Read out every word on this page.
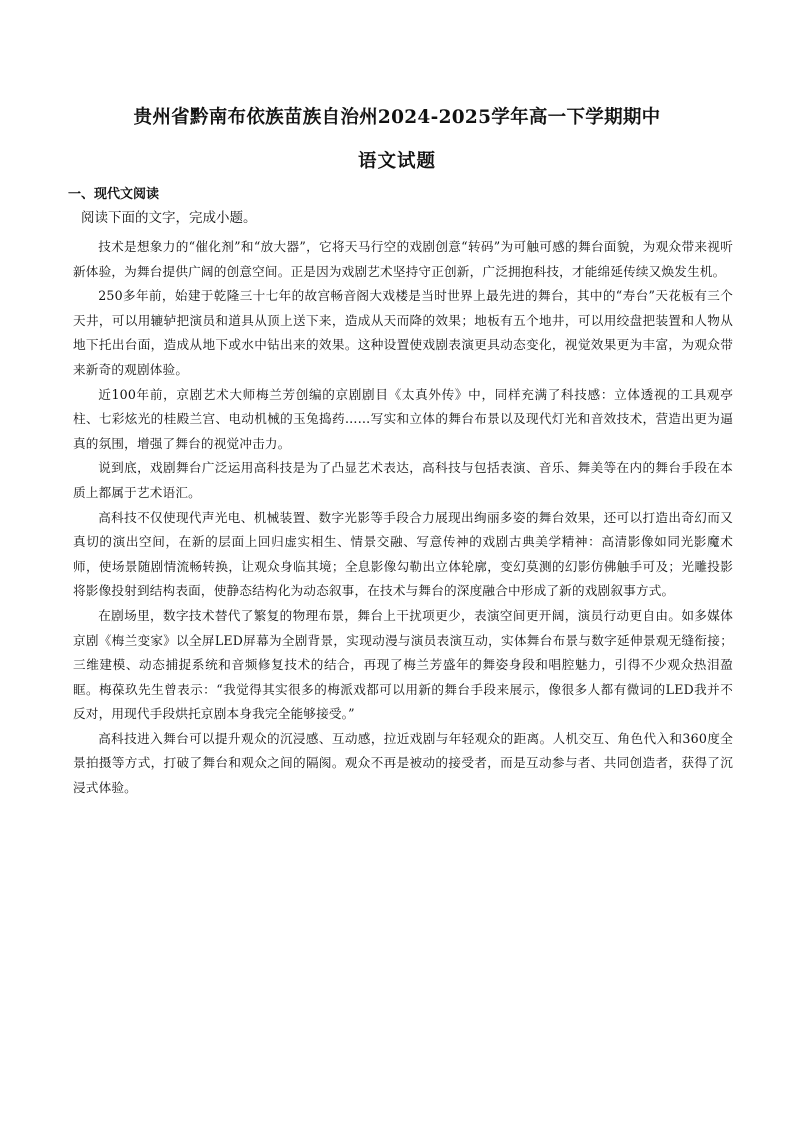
贵州省黔南布依族苗族自治州2024-2025学年高一下学期期中
语文试题

一、现代文阅读

阅读下面的文字，完成小题。

技术是想象力的“催化剂”和“放大器”，它将天马行空的戏剧创意“转码”为可触可感的舞台面貌，为观众带来视听新体验，为舞台提供广阔的创意空间。正是因为戏剧艺术坚持守正创新，广泛拥抱科技，才能绵延传续又焕发生机。

250多年前，始建于乾隆三十七年的故宫畅音阁大戏楼是当时世界上最先进的舞台，其中的“寿台”天花板有三个天井，可以用辘轳把演员和道具从顶上送下来，造成从天而降的效果；地板有五个地井，可以用绞盘把装置和人物从地下托出台面，造成从地下或水中钻出来的效果。这种设置使戏剧表演更具动态变化，视觉效果更为丰富，为观众带来新奇的观剧体验。

近100年前，京剧艺术大师梅兰芳创编的京剧剧目《太真外传》中，同样充满了科技感：立体透视的工具观亭柱、七彩炫光的桂殿兰宫、电动机械的玉兔捣药……写实和立体的舞台布景以及现代灯光和音效技术，营造出更为逼真的氛围，增强了舞台的视觉冲击力。

说到底，戏剧舞台广泛运用高科技是为了凸显艺术表达，高科技与包括表演、音乐、舞美等在内的舞台手段在本质上都属于艺术语汇。

高科技不仅使现代声光电、机械装置、数字光影等手段合力展现出绚丽多姿的舞台效果，还可以打造出奇幻而又真切的演出空间，在新的层面上回归虚实相生、情景交融、写意传神的戏剧古典美学精神：高清影像如同光影魔术师，使场景随剧情流畅转换，让观众身临其境；全息影像勾勒出立体轮廓，变幻莫测的幻影仿佛触手可及；光雕投影将影像投射到结构表面，使静态结构化为动态叙事，在技术与舞台的深度融合中形成了新的戏剧叙事方式。

在剧场里，数字技术替代了繁复的物理布景，舞台上干扰项更少，表演空间更开阔，演员行动更自由。如多媒体京剧《梅兰变家》以全屏LED屏幕为全剧背景，实现动漫与演员表演互动，实体舞台布景与数字延伸景观无缝衔接；三维建模、动态捕捉系统和音频修复技术的结合，再现了梅兰芳盛年的舞姿身段和唱腔魅力，引得不少观众热泪盈眶。梅葆玖先生曾表示：“我觉得其实很多的梅派戏都可以用新的舞台手段来展示，像很多人都有微词的LED我并不反对，用现代手段烘托京剧本身我完全能够接受。”

高科技进入舞台可以提升观众的沉浸感、互动感，拉近戏剧与年轻观众的距离。人机交互、角色代入和360度全景拍摄等方式，打破了舞台和观众之间的隔阂。观众不再是被动的接受者，而是互动参与者、共同创造者，获得了沉浸式体验。
